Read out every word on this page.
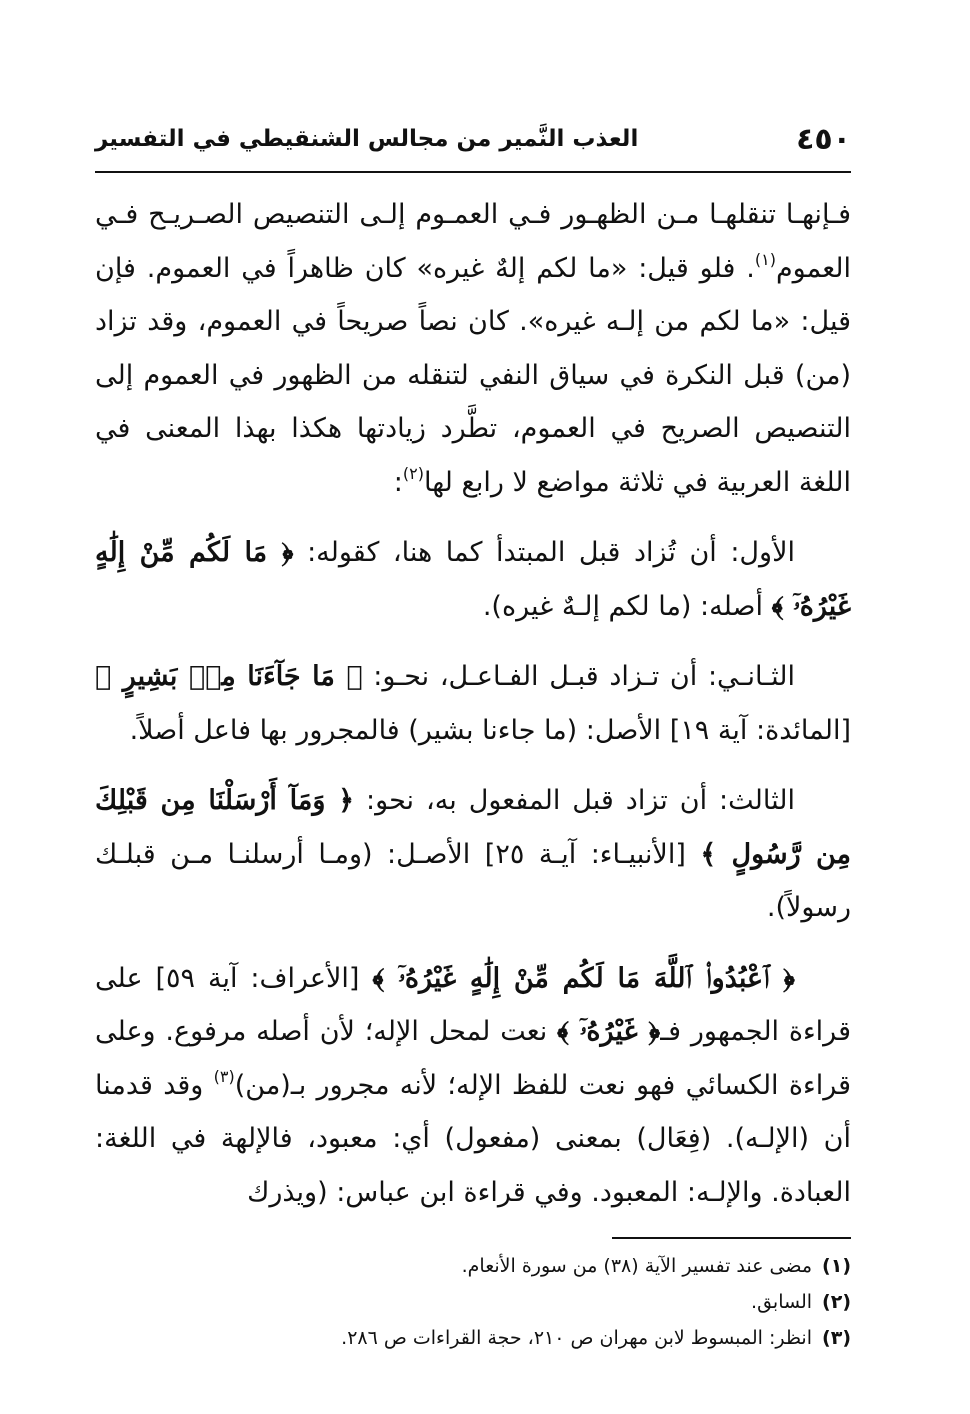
٤٥٠
العذب النَّمير من مجالس الشنقيطي في التفسير

فـإنهـا تنقلهـا مـن الظهـور فـي العمـوم إلـى التنصيص الصـريـح فـي العموم$^{(١)}$. فلو قيل: «ما لكم إلهٌ غيره» كان ظاهراً في العموم. فإن قيل: «ما لكم من إلـه غيره». كان نصاً صريحاً في العموم، وقد تزاد (من) قبل النكرة في سياق النفي لتنقله من الظهور في العموم إلى التنصيص الصريح في العموم، تطَّرد زيادتها هكذا بهذا المعنى في اللغة العربية في ثلاثة مواضع لا رابع لها$^{(٢)}$:

الأول: أن تُزاد قبل المبتدأ كما هنا، كقوله: ﴿ مَا لَكُم مِّنْ إِلَٰهٍ غَيْرُهُۥٓ ﴾ أصله: (ما لكم إلـهٌ غيره).

الثـانـي: أن تـزاد قبـل الفـاعـل، نحـو: ﴿ مَا جَآءَنَا مِنۢ بَشِيرٍ ﴾ [المائدة: آية ١٩] الأصل: (ما جاءنا بشير) فالمجرور بها فاعل أصلاً.

الثالث: أن تزاد قبل المفعول به، نحو: ﴿ وَمَآ أَرْسَلْنَا مِن قَبْلِكَ مِن رَّسُولٍ ﴾ [الأنبيـاء: آيـة ٢٥] الأصـل: (ومـا أرسلنـا مـن قبلـك رسولاً).

﴿ ٱعْبُدُوا۟ ٱللَّهَ مَا لَكُم مِّنْ إِلَٰهٍ غَيْرُهُۥٓ ﴾ [الأعراف: آية ٥٩] على قراءة الجمهور فـ﴿ غَيْرُهُۥٓ ﴾ نعت لمحل الإله؛ لأن أصله مرفوع. وعلى قراءة الكسائي فهو نعت للفظ الإله؛ لأنه مجرور بـ(من)$^{(٣)}$ وقد قدمنا أن (الإلـه). (فِعَال) بمعنى (مفعول) أي: معبود، فالإلهة في اللغة: العبادة. والإلـه: المعبود. وفي قراءة ابن عباس: (ويذرك

(١)مضى عند تفسير الآية (٣٨) من سورة الأنعام.
(٢)السابق.
(٣)انظر: المبسوط لابن مهران ص ٢١٠، حجة القراءات ص ٢٨٦.
